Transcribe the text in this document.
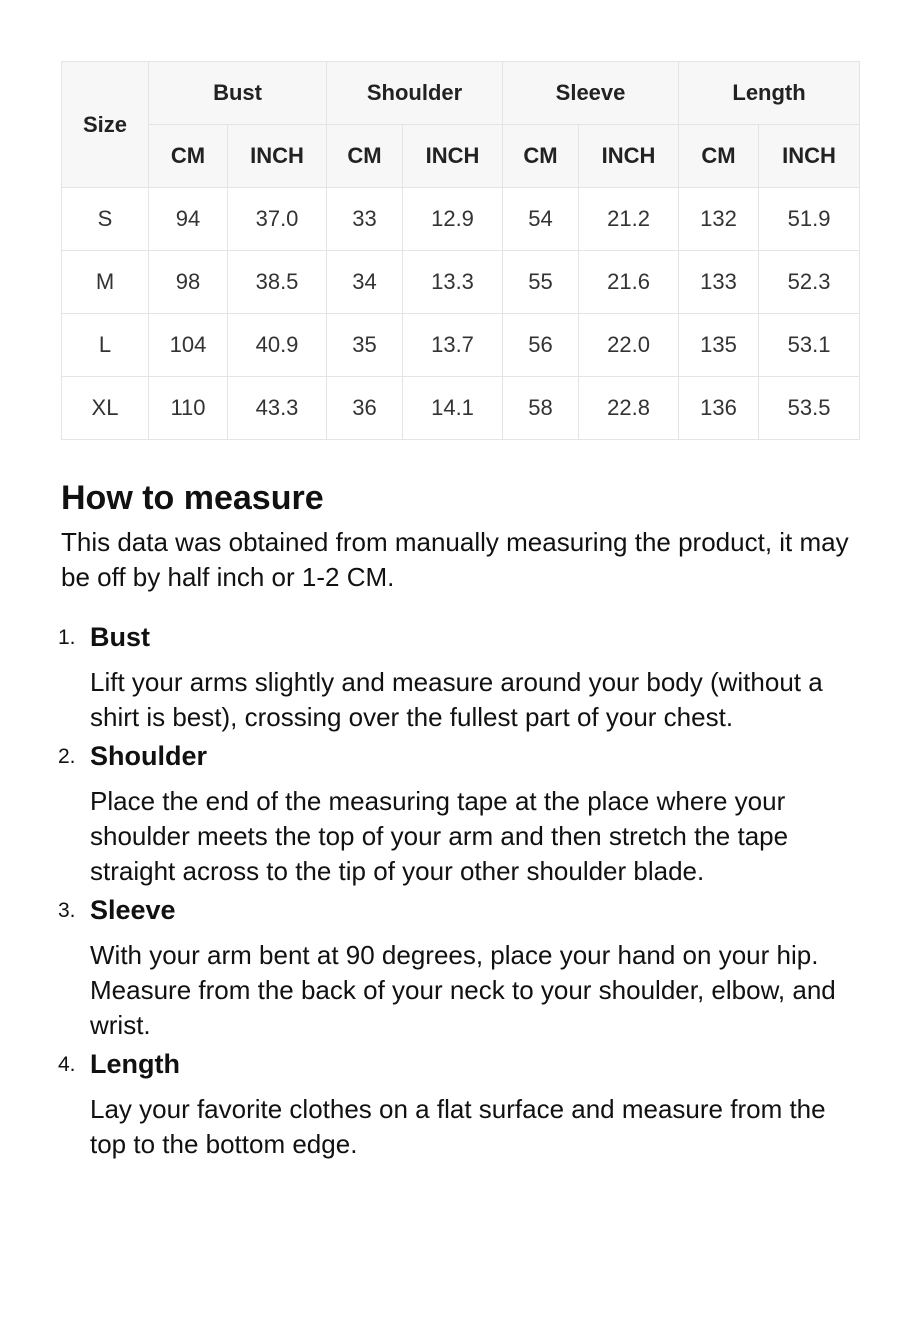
Size	Bust		Shoulder		Sleeve		Length	
	CM	INCH	CM	INCH	CM	INCH	CM	INCH
S	94	37.0	33	12.9	54	21.2	132	51.9
M	98	38.5	34	13.3	55	21.6	133	52.3
L	104	40.9	35	13.7	56	22.0	135	53.1
XL	110	43.3	36	14.1	58	22.8	136	53.5
How to measure

This data was obtained from manually measuring the product, it may be off by half inch or 1-2 CM.

1. Bust
Lift your arms slightly and measure around your body (without a shirt is best), crossing over the fullest part of your chest.
2. Shoulder
Place the end of the measuring tape at the place where your shoulder meets the top of your arm and then stretch the tape straight across to the tip of your other shoulder blade.
3. Sleeve
With your arm bent at 90 degrees, place your hand on your hip. Measure from the back of your neck to your shoulder, elbow, and wrist.
4. Length
Lay your favorite clothes on a flat surface and measure from the top to the bottom edge.
